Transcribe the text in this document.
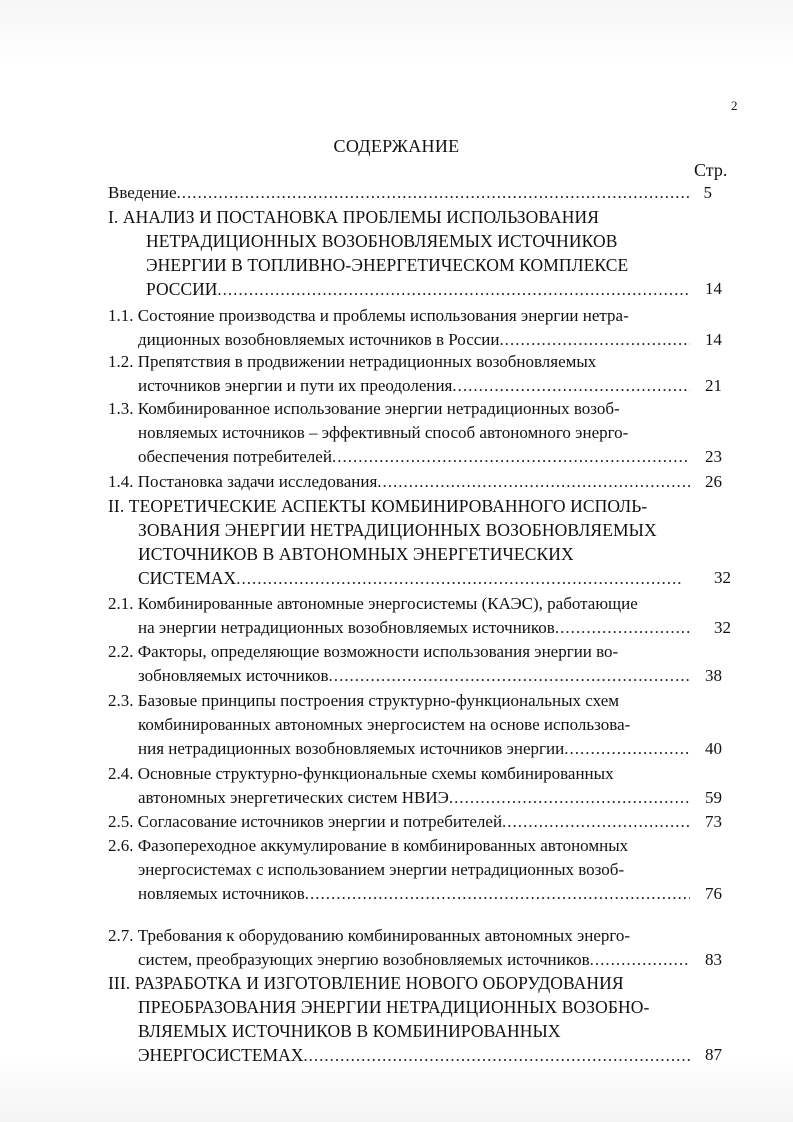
2
СОДЕРЖАНИЕ
Стр.
Введение .....	5
I. АНАЛИЗ И ПОСТАНОВКА ПРОБЛЕМЫ ИСПОЛЬЗОВАНИЯ
НЕТРАДИЦИОННЫХ ВОЗОБНОВЛЯЕМЫХ ИСТОЧНИКОВ
ЭНЕРГИИ В ТОПЛИВНО-ЭНЕРГЕТИЧЕСКОМ КОМПЛЕКСЕ
РОССИИ .....	14
1.1. Состояние производства и проблемы использования энергии нетра-
диционных возобновляемых источников в России .....	14
1.2. Препятствия в продвижении нетрадиционных возобновляемых
источников энергии и пути их преодоления .....	21
1.3. Комбинированное использование энергии нетрадиционных возоб-
новляемых источников – эффективный способ автономного энерго-
обеспечения потребителей .....	23
1.4. Постановка задачи исследования .....	26
II. ТЕОРЕТИЧЕСКИЕ АСПЕКТЫ КОМБИНИРОВАННОГО ИСПОЛЬ-
ЗОВАНИЯ ЭНЕРГИИ НЕТРАДИЦИОННЫХ ВОЗОБНОВЛЯЕМЫХ
ИСТОЧНИКОВ В АВТОНОМНЫХ ЭНЕРГЕТИЧЕСКИХ
СИСТЕМАХ .....	32
2.1. Комбинированные автономные энергосистемы (КАЭС), работающие
на энергии нетрадиционных возобновляемых источников .....	32
2.2. Факторы, определяющие возможности использования энергии во-
зобновляемых источников .....	38
2.3. Базовые принципы построения структурно-функциональных схем
комбинированных автономных энергосистем на основе использова-
ния нетрадиционных возобновляемых источников энергии .....	40
2.4. Основные структурно-функциональные схемы комбинированных
автономных энергетических систем НВИЭ .....	59
2.5. Согласование источников энергии и потребителей .....	73
2.6. Фазопереходное аккумулирование в комбинированных автономных
энергосистемах с использованием энергии нетрадиционных возоб-
новляемых источников .....	76
2.7. Требования к оборудованию комбинированных автономных энерго-
систем, преобразующих энергию возобновляемых источников .....	83
III. РАЗРАБОТКА И ИЗГОТОВЛЕНИЕ НОВОГО ОБОРУДОВАНИЯ
ПРЕОБРАЗОВАНИЯ ЭНЕРГИИ НЕТРАДИЦИОННЫХ ВОЗОБНО-
ВЛЯЕМЫХ ИСТОЧНИКОВ В КОМБИНИРОВАННЫХ
ЭНЕРГОСИСТЕМАХ .....	87
